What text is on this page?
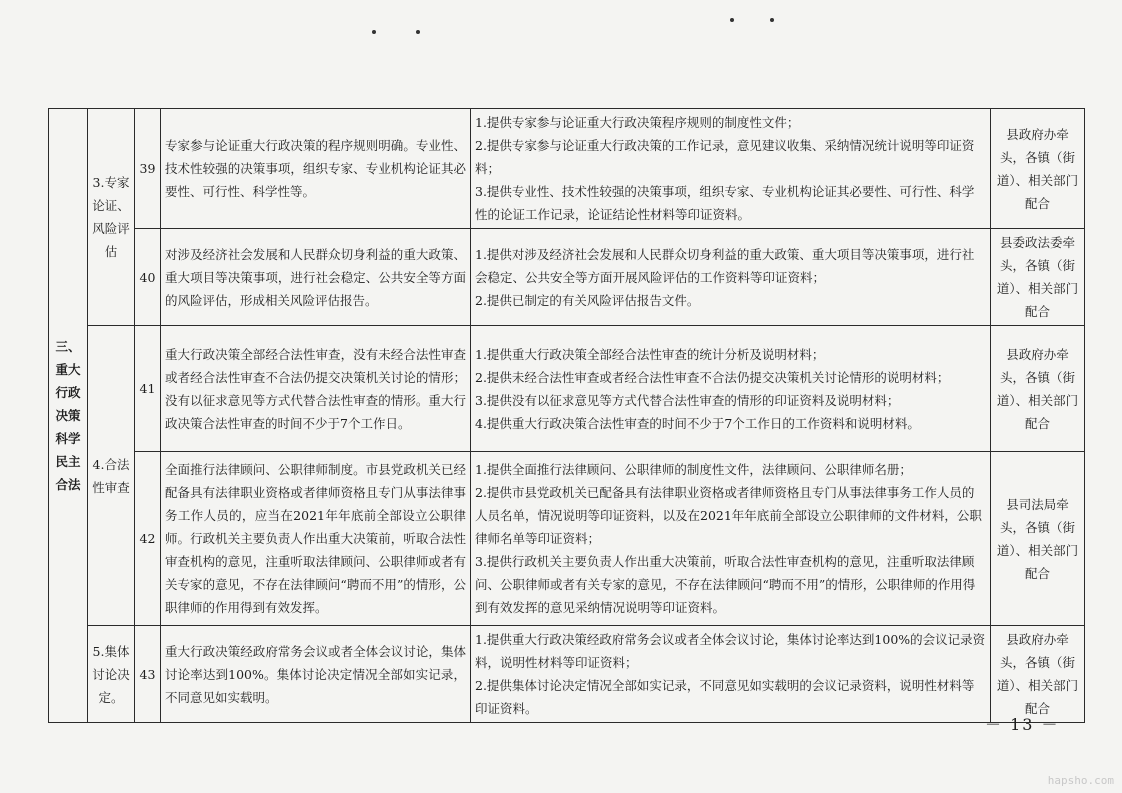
三、重大行政决策科学民主合法	3.专家论证、风险评估	39	专家参与论证重大行政决策的程序规则明确。专业性、技术性较强的决策事项，组织专家、专业机构论证其必要性、可行性、科学性等。	1.提供专家参与论证重大行政决策程序规则的制度性文件；
2.提供专家参与论证重大行政决策的工作记录，意见建议收集、采纳情况统计说明等印证资料；
3.提供专业性、技术性较强的决策事项，组织专家、专业机构论证其必要性、可行性、科学性的论证工作记录，论证结论性材料等印证资料。	县政府办牵头，各镇（街道）、相关部门配合
		40	对涉及经济社会发展和人民群众切身利益的重大政策、重大项目等决策事项，进行社会稳定、公共安全等方面的风险评估，形成相关风险评估报告。	1.提供对涉及经济社会发展和人民群众切身利益的重大政策、重大项目等决策事项，进行社会稳定、公共安全等方面开展风险评估的工作资料等印证资料；
2.提供已制定的有关风险评估报告文件。	县委政法委牵头，各镇（街道）、相关部门配合
	4.合法性审查	41	重大行政决策全部经合法性审查，没有未经合法性审查或者经合法性审查不合法仍提交决策机关讨论的情形；没有以征求意见等方式代替合法性审查的情形。重大行政决策合法性审查的时间不少于7个工作日。	1.提供重大行政决策全部经合法性审查的统计分析及说明材料；
2.提供未经合法性审查或者经合法性审查不合法仍提交决策机关讨论情形的说明材料；
3.提供没有以征求意见等方式代替合法性审查的情形的印证资料及说明材料；
4.提供重大行政决策合法性审查的时间不少于7个工作日的工作资料和说明材料。	县政府办牵头，各镇（街道）、相关部门配合
		42	全面推行法律顾问、公职律师制度。市县党政机关已经配备具有法律职业资格或者律师资格且专门从事法律事务工作人员的，应当在2021年年底前全部设立公职律师。行政机关主要负责人作出重大决策前，听取合法性审查机构的意见，注重听取法律顾问、公职律师或者有关专家的意见，不存在法律顾问“聘而不用”的情形，公职律师的作用得到有效发挥。	1.提供全面推行法律顾问、公职律师的制度性文件，法律顾问、公职律师名册；
2.提供市县党政机关已配备具有法律职业资格或者律师资格且专门从事法律事务工作人员的人员名单，情况说明等印证资料，以及在2021年年底前全部设立公职律师的文件材料，公职律师名单等印证资料；
3.提供行政机关主要负责人作出重大决策前，听取合法性审查机构的意见，注重听取法律顾问、公职律师或者有关专家的意见，不存在法律顾问“聘而不用”的情形，公职律师的作用得到有效发挥的意见采纳情况说明等印证资料。	县司法局牵头，各镇（街道）、相关部门配合
	5.集体讨论决定。	43	重大行政决策经政府常务会议或者全体会议讨论，集体讨论率达到100%。集体讨论决定情况全部如实记录，不同意见如实载明。	1.提供重大行政决策经政府常务会议或者全体会议讨论，集体讨论率达到100%的会议记录资料，说明性材料等印证资料；
2.提供集体讨论决定情况全部如实记录，不同意见如实载明的会议记录资料，说明性材料等印证资料。	县政府办牵头，各镇（街道）、相关部门配合
－ 13 －
hapsho.com
